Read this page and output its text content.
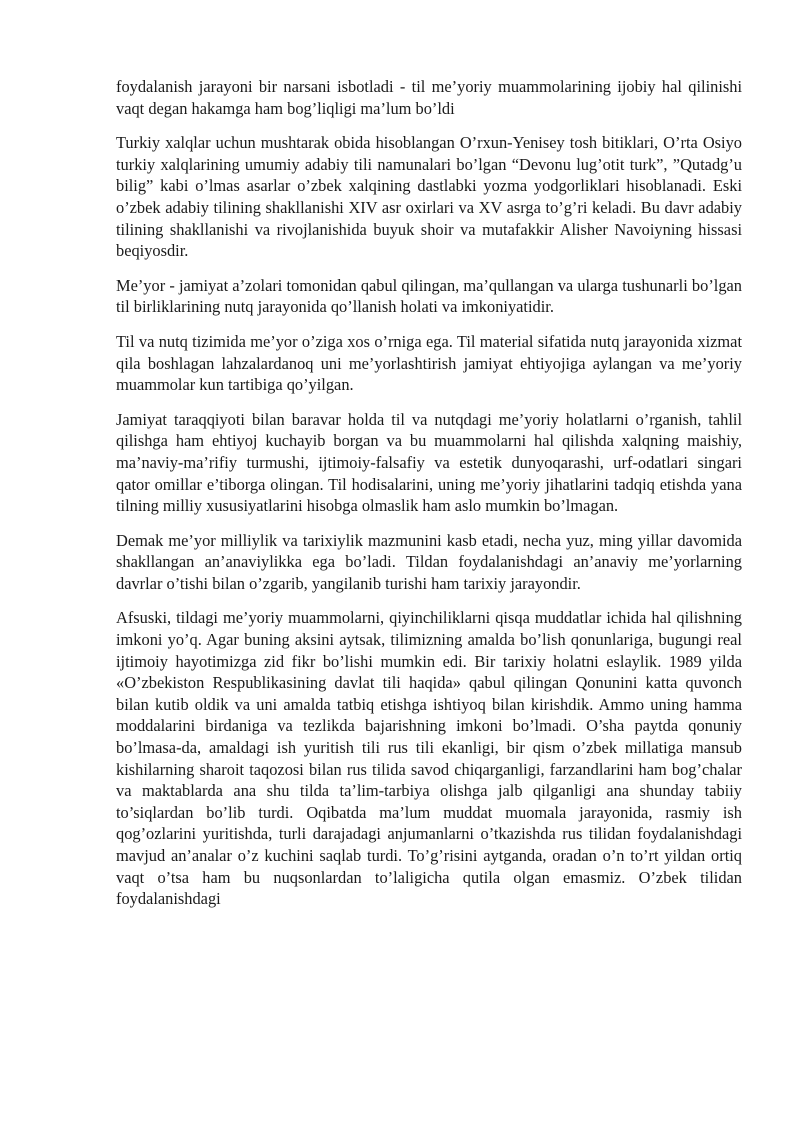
foydalanish jarayoni bir narsani isbotladi - til me’yoriy muammolarining ijobiy hal qilinishi vaqt degan hakamga ham bog’liqligi ma’lum bo’ldi

Turkiy xalqlar uchun mushtarak obida hisoblangan O’rxun-Yenisey tosh bitiklari, O’rta Osiyo turkiy xalqlarining umumiy adabiy tili namunalari bo’lgan “Devonu lug’otit turk”, ”Qutadg’u bilig” kabi o’lmas asarlar o’zbek xalqining dastlabki yozma yodgorliklari hisoblanadi. Eski o’zbek adabiy tilining shakllanishi XIV asr oxirlari va XV asrga to’g’ri keladi. Bu davr adabiy tilining shakllanishi va rivojlanishida buyuk shoir va mutafakkir Alisher Navoiyning hissasi beqiyosdir.

Me’yor - jamiyat a’zolari tomonidan qabul qilingan, ma’qullangan va ularga tushunarli bo’lgan til birliklarining nutq jarayonida qo’llanish holati va imkoniyatidir.

Til va nutq tizimida me’yor o’ziga xos o’rniga ega. Til material sifatida nutq jarayonida xizmat qila boshlagan lahzalardanoq uni me’yorlashtirish jamiyat ehtiyojiga aylangan va me’yoriy muammolar kun tartibiga qo’yilgan.

Jamiyat taraqqiyoti bilan baravar holda til va nutqdagi me’yoriy holatlarni o’rganish, tahlil qilishga ham ehtiyoj kuchayib borgan va bu muammolarni hal qilishda xalqning maishiy, ma’naviy-ma’rifiy turmushi, ijtimoiy-falsafiy va estetik dunyoqarashi, urf-odatlari singari qator omillar e’tiborga olingan. Til hodisalarini, uning me’yoriy jihatlarini tadqiq etishda yana tilning milliy xususiyatlarini hisobga olmaslik ham aslo mumkin bo’lmagan.

Demak me’yor milliylik va tarixiylik mazmunini kasb etadi, necha yuz, ming yillar davomida shakllangan an’anaviylikka ega bo’ladi. Tildan foydalanishdagi an’anaviy me’yorlarning davrlar o’tishi bilan o’zgarib, yangilanib turishi ham tarixiy jarayondir.

Afsuski, tildagi me’yoriy muammolarni, qiyinchiliklarni qisqa muddatlar ichida hal qilishning imkoni yo’q. Agar buning aksini aytsak, tilimizning amalda bo’lish qonunlariga, bugungi real ijtimoiy hayotimizga zid fikr bo’lishi mumkin edi. Bir tarixiy holatni eslaylik. 1989 yilda «O’zbekiston Respublikasining davlat tili haqida» qabul qilingan Qonunini katta quvonch bilan kutib oldik va uni amalda tatbiq etishga ishtiyoq bilan kirishdik. Ammo uning hamma moddalarini birdaniga va tezlikda bajarishning imkoni bo’lmadi. O’sha paytda qonuniy bo’lmasa-da, amaldagi ish yuritish tili rus tili ekanligi, bir qism o’zbek millatiga mansub kishilarning sharoit taqozosi bilan rus tilida savod chiqarganligi, farzandlarini ham bog’chalar va maktablarda ana shu tilda ta’lim-tarbiya olishga jalb qilganligi ana shunday tabiiy to’siqlardan bo’lib turdi. Oqibatda ma’lum muddat muomala jarayonida, rasmiy ish qog’ozlarini yuritishda, turli darajadagi anjumanlarni o’tkazishda rus tilidan foydalanishdagi mavjud an’analar o’z kuchini saqlab turdi. To’g’risini aytganda, oradan o’n to’rt yildan ortiq vaqt o’tsa ham bu nuqsonlardan to’laligicha qutila olgan emasmiz. O’zbek tilidan foydalanishdagi
